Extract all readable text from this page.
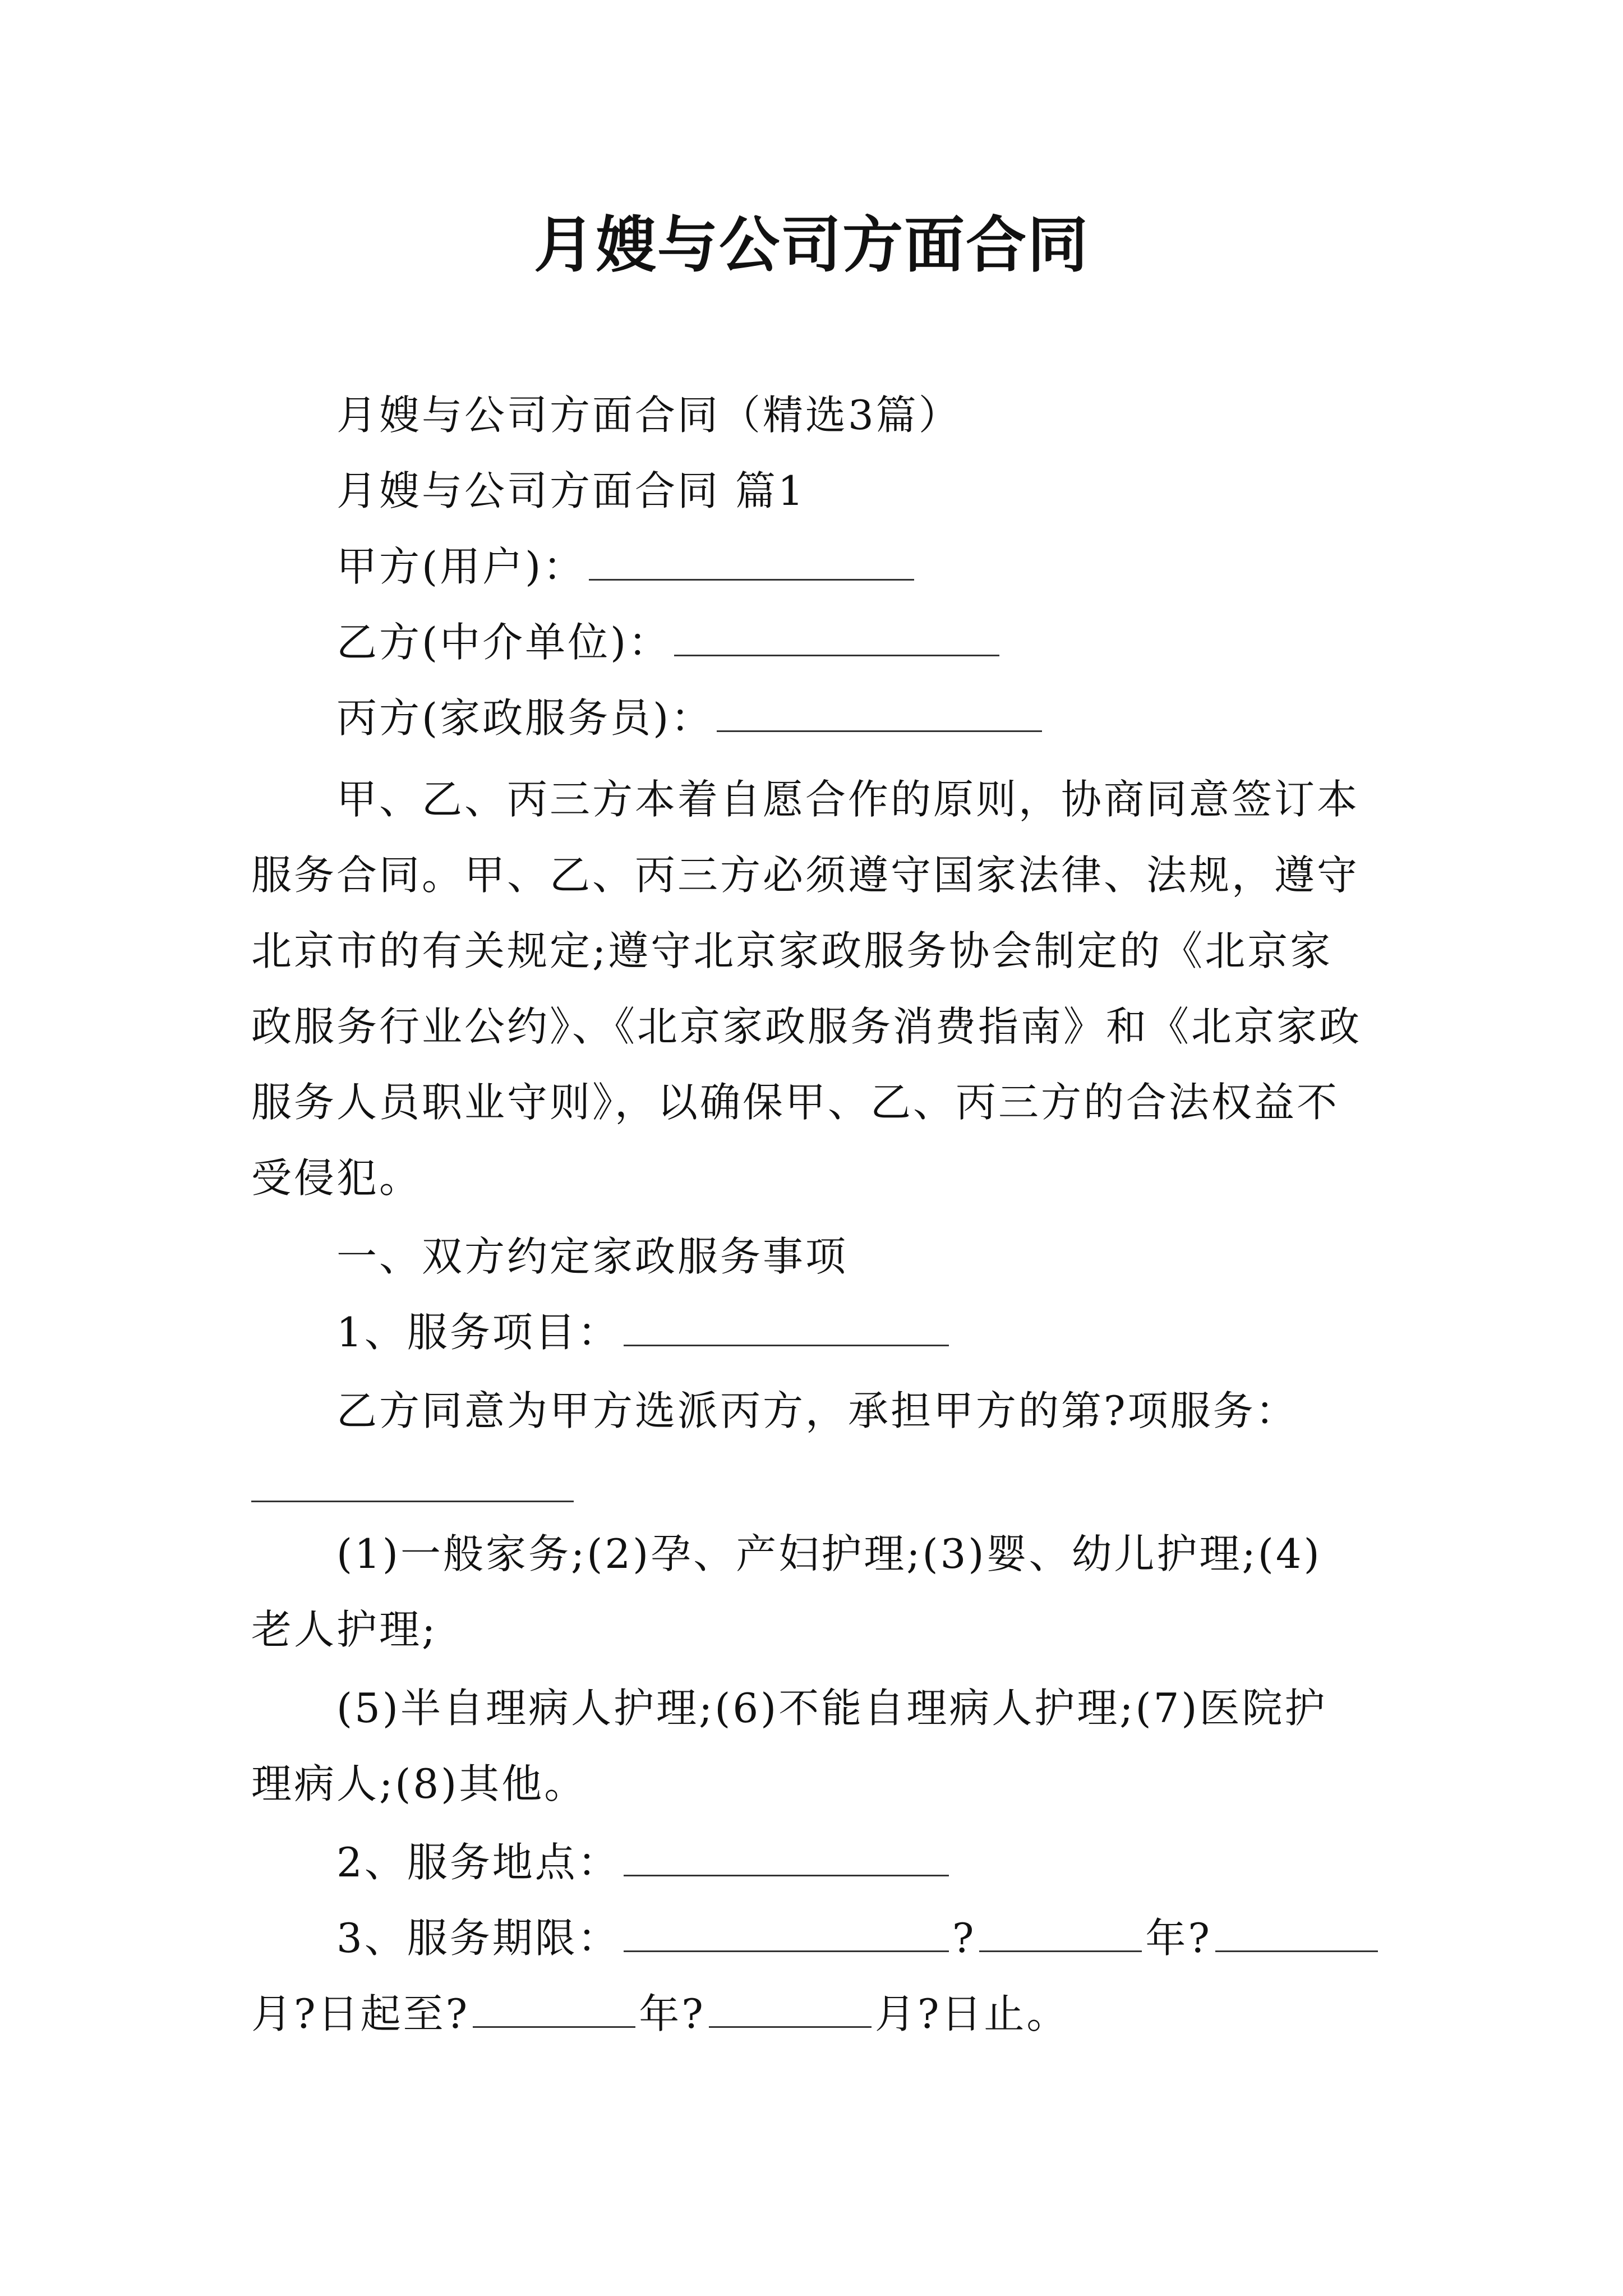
月嫂与公司方面合同
月嫂与公司方面合同（精选3篇）
月嫂与公司方面合同 篇1
甲方(用户)：
乙方(中介单位)：
丙方(家政服务员)：
甲、乙、丙三方本着自愿合作的原则，协商同意签订本
服务合同。甲、乙、丙三方必须遵守国家法律、法规，遵守
北京市的有关规定;遵守北京家政服务协会制定的《北京家
政服务行业公约》、《北京家政服务消费指南》和《北京家政
服务人员职业守则》，以确保甲、乙、丙三方的合法权益不
受侵犯。
一、双方约定家政服务事项
1、服务项目：
乙方同意为甲方选派丙方，承担甲方的第?项服务：
(1)一般家务;(2)孕、产妇护理;(3)婴、幼儿护理;(4)
老人护理;
(5)半自理病人护理;(6)不能自理病人护理;(7)医院护
理病人;(8)其他。
2、服务地点：
3、服务期限：	?	年?
月?日起至?	年?	月?日止。
